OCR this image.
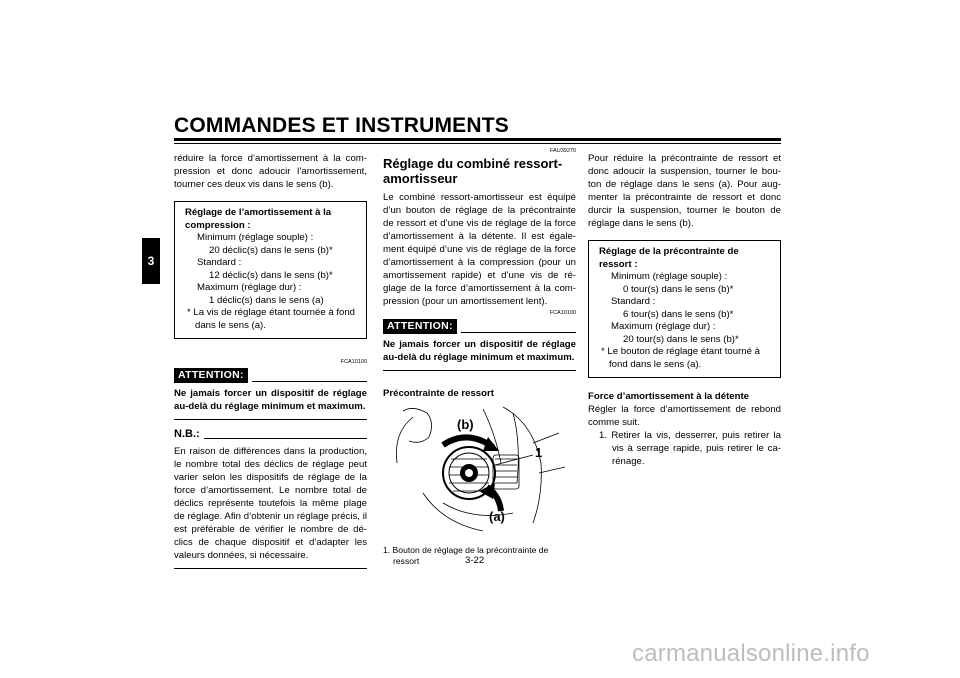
COMMANDES ET INSTRUMENTS
3

réduire la force d’amortissement à la compression et donc adoucir l’amortissement, tourner ces deux vis dans le sens (b).

Réglage de l’amortissement à la compression :
Minimum (réglage souple) :
20 déclic(s) dans le sens (b)*
Standard :
12 déclic(s) dans le sens (b)*
Maximum (réglage dur) :
1 déclic(s) dans le sens (a)
* La vis de réglage étant tournée à fond dans le sens (a).
FCA10100
ATTENTION:
Ne jamais forcer un dispositif de réglage au-delà du réglage minimum et maximum.
N.B.:

En raison de différences dans la production, le nombre total des déclics de réglage peut varier selon les dispositifs de réglage de la force d’amortissement. Le nombre total de déclics représente toutefois la même plage de réglage. Afin d’obtenir un réglage précis, il est préférable de vérifier le nombre de déclics de chaque dispositif et d’adapter les valeurs données, si nécessaire.

FAU39270
Réglage du combiné ressort-amortisseur

Le combiné ressort-amortisseur est équipé d’un bouton de réglage de la précontrainte de ressort et d’une vis de réglage de la force d’amortissement à la détente. Il est également équipé d’une vis de réglage de la force d’amortissement à la compression (pour un amortissement rapide) et d’une vis de réglage de la force d’amortissement à la compression (pour un amortissement lent).

FCA10100
ATTENTION:
Ne jamais forcer un dispositif de réglage au-delà du réglage minimum et maximum.
Précontrainte de ressort
(b)
(a)
1
1. Bouton de réglage de la précontrainte de ressort

Pour réduire la précontrainte de ressort et donc adoucir la suspension, tourner le bouton de réglage dans le sens (a). Pour augmenter la précontrainte de ressort et donc durcir la suspension, tourner le bouton de réglage dans le sens (b).

Réglage de la précontrainte de ressort :
Minimum (réglage souple) :
0 tour(s) dans le sens (b)*
Standard :
6 tour(s) dans le sens (b)*
Maximum (réglage dur) :
20 tour(s) dans le sens (b)*
* Le bouton de réglage étant tourné à fond dans le sens (a).
Force d’amortissement à la détente

Régler la force d’amortissement de rebond comme suit.

1. Retirer la vis, desserrer, puis retirer la vis à serrage rapide, puis retirer le carénage.

3-22
carmanualsonline.info
